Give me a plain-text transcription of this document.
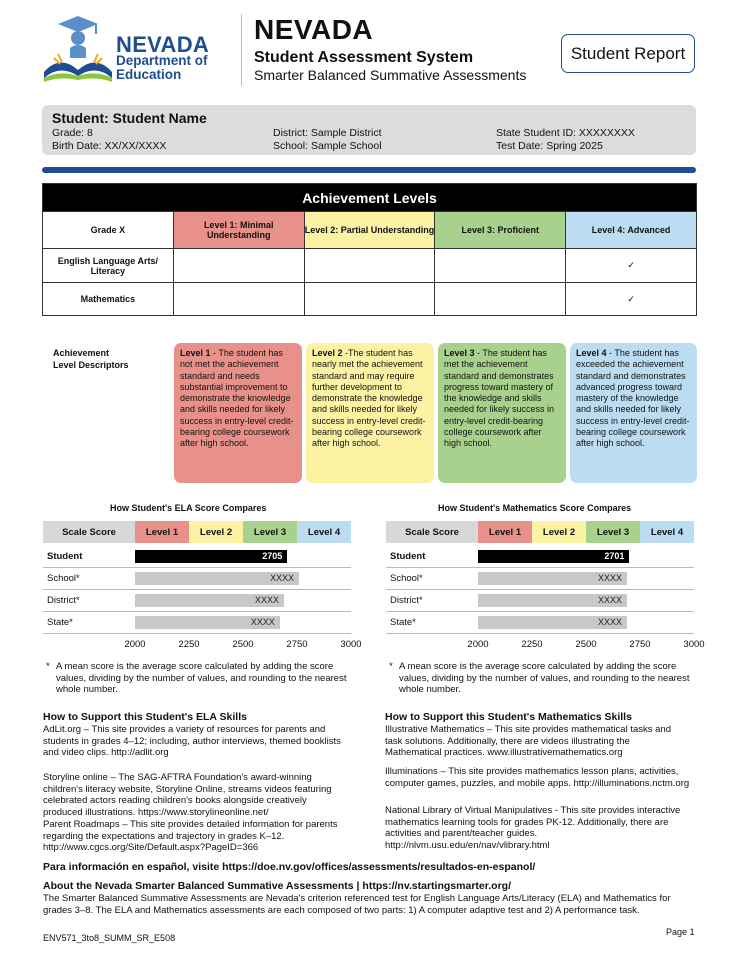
NEVADA
Department of
Education
NEVADA
Student Assessment System
Smarter Balanced Summative Assessments
Student Report
Student: Student Name
Grade: 8
Birth Date: XX/XX/XXXX
District: Sample District
School: Sample School
State Student ID: XXXXXXXX
Test Date: Spring 2025
Achievement Levels				
Grade X	Level 1: Minimal Understanding	Level 2: Partial Understanding	Level 3: Proficient	Level 4: Advanced
English Language Arts/ Literacy				✓
Mathematics				✓
Achievement Level Descriptors
Level 1 - The student has not met the achievement standard and needs substantial improvement to demonstrate the knowledge and skills needed for likely success in entry-level credit-bearing college coursework after high school.
Level 2 -The student has nearly met the achievement standard and may require further development to demonstrate the knowledge and skills needed for likely success in entry-level credit-bearing college coursework after high school.
Level 3 - The student has met the achievement standard and demonstrates progress toward mastery of the knowledge and skills needed for likely success in entry-level credit-bearing college coursework after high school.
Level 4 - The student has exceeded the achievement standard and demonstrates advanced progress toward mastery of the knowledge and skills needed for likely success in entry-level credit-bearing college coursework after high school.
How Student's ELA Score Compares
Scale Score	Level 1	Level 2	Level 3	Level 4
Student	2705
School*	XXXX
District*	XXXX
State*	XXXX
2000	2250	2500	2750	3000
How Student's Mathematics Score Compares
Scale Score	Level 1	Level 2	Level 3	Level 4
Student	2701
School*	XXXX
District*	XXXX
State*	XXXX
2000	2250	2500	2750	3000
* A mean score is the average score calculated by adding the score values, dividing by the number of values, and rounding to the nearest whole number.
* A mean score is the average score calculated by adding the score values, dividing by the number of values, and rounding to the nearest whole number.
How to Support this Student's ELA Skills
AdLit.org – This site provides a variety of resources for parents and students in grades 4–12; including, author interviews, themed booklists and video clips. http://adlit.org
Storyline online – The SAG-AFTRA Foundation's award-winning children's literacy website, Storyline Online, streams videos featuring celebrated actors reading children's books alongside creatively produced illustrations. https://www.storylineonline.net/
Parent Roadmaps – This site provides detailed information for parents regarding the expectations and trajectory in grades K–12. http://www.cgcs.org/Site/Default.aspx?PageID=366
How to Support this Student's Mathematics Skills
Illustrative Mathematics – This site provides mathematical tasks and task solutions. Additionally, there are videos illustrating the Mathematical practices. www.illustrativemathematics.org
Illuminations – This site provides mathematics lesson plans, activities, computer games, puzzles, and mobile apps. http://illuminations.nctm.org
National Library of Virtual Manipulatives - This site provides interactive mathematics learning tools for grades PK-12. Additionally, there are activities and parent/teacher guides. http://nlvm.usu.edu/en/nav/vlibrary.html
Para información en español, visite https://doe.nv.gov/offices/assessments/resultados-en-espanol/
About the Nevada Smarter Balanced Summative Assessments | https://nv.startingsmarter.org/
The Smarter Balanced Summative Assessments are Nevada's criterion referenced test for English Language Arts/Literacy (ELA) and Mathematics for grades 3–8. The ELA and Mathematics assessments are each composed of two parts: 1) A computer adaptive test and 2) A performance task.
ENV571_3to8_SUMM_SR_E508
Page 1
